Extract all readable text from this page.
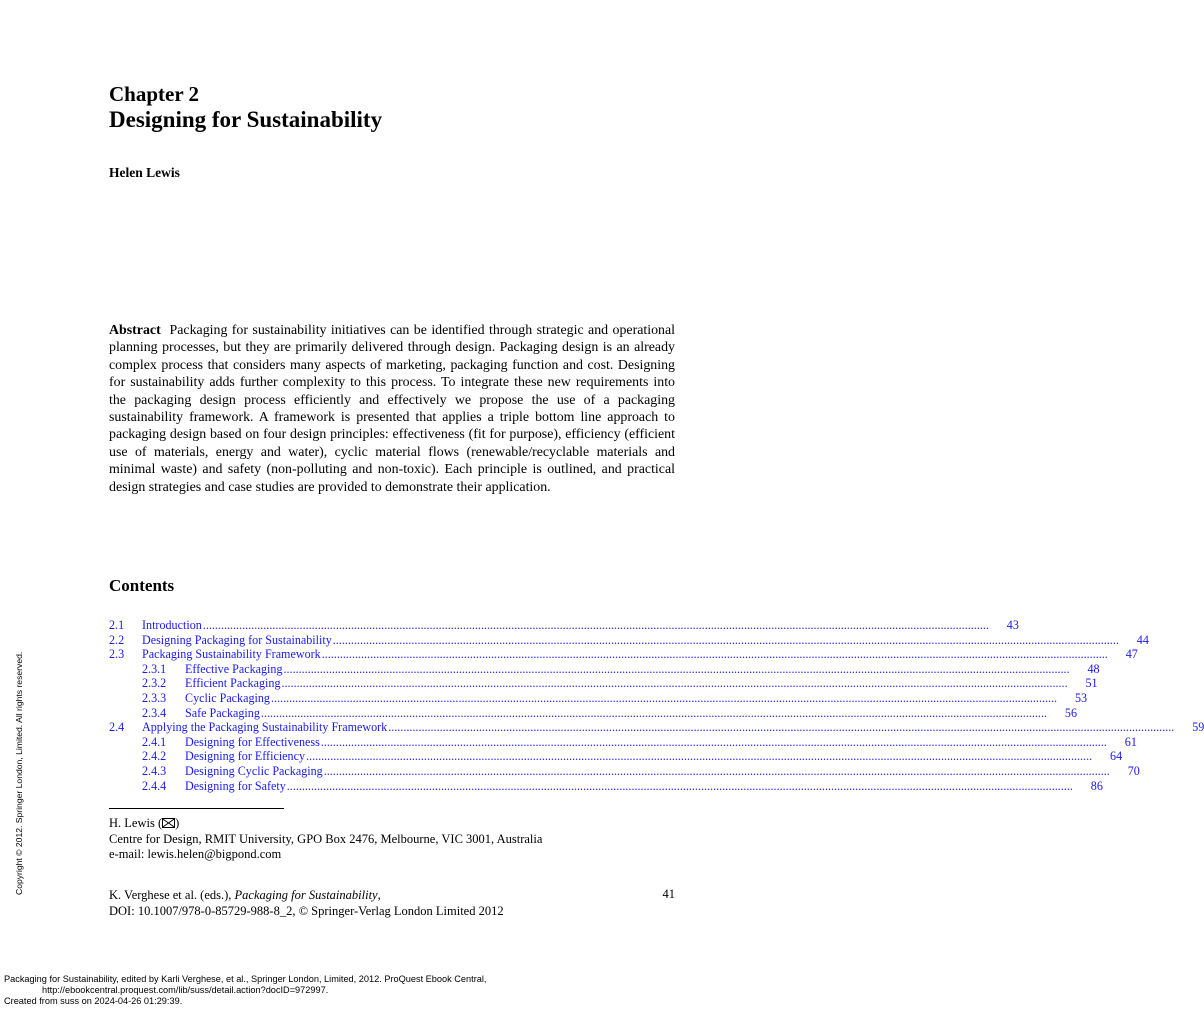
Chapter 2
Designing for Sustainability
Helen Lewis

Abstract Packaging for sustainability initiatives can be identified through strategic and operational planning processes, but they are primarily delivered through design. Packaging design is an already complex process that considers many aspects of marketing, packaging function and cost. Designing for sustainability adds further complexity to this process. To integrate these new requirements into the packaging design process efficiently and effectively we propose the use of a packaging sustainability framework. A framework is presented that applies a triple bottom line approach to packaging design based on four design principles: effectiveness (fit for purpose), efficiency (efficient use of materials, energy and water), cyclic material flows (renewable/recyclable materials and minimal waste) and safety (non-polluting and non-toxic). Each principle is outlined, and practical design strategies and case studies are provided to demonstrate their application.

Contents
2.1	Introduction ....................................................................................................................................................................................................................................................................	43
2.2	Designing Packaging for Sustainability ....................................................................................................................................................................................................................................................................	44
2.3	Packaging Sustainability Framework ....................................................................................................................................................................................................................................................................	47
2.3.1	Effective Packaging ....................................................................................................................................................................................................................................................................	48
2.3.2	Efficient Packaging ....................................................................................................................................................................................................................................................................	51
2.3.3	Cyclic Packaging ....................................................................................................................................................................................................................................................................	53
2.3.4	Safe Packaging ....................................................................................................................................................................................................................................................................	56
2.4	Applying the Packaging Sustainability Framework ....................................................................................................................................................................................................................................................................	59
2.4.1	Designing for Effectiveness ....................................................................................................................................................................................................................................................................	61
2.4.2	Designing for Efficiency ....................................................................................................................................................................................................................................................................	64
2.4.3	Designing Cyclic Packaging ....................................................................................................................................................................................................................................................................	70
2.4.4	Designing for Safety ....................................................................................................................................................................................................................................................................	86
H. Lewis ( )
Centre for Design, RMIT University, GPO Box 2476, Melbourne, VIC 3001, Australia
e-mail: lewis.helen@bigpond.com
K. Verghese et al. (eds.), Packaging for Sustainability,
DOI: 10.1007/978-0-85729-988-8_2, © Springer-Verlag London Limited 2012
41
Copyright © 2012. Springer London, Limited. All rights reserved.
Packaging for Sustainability, edited by Karli Verghese, et al., Springer London, Limited, 2012. ProQuest Ebook Central,
http://ebookcentral.proquest.com/lib/suss/detail.action?docID=972997.
Created from suss on 2024-04-26 01:29:39.
